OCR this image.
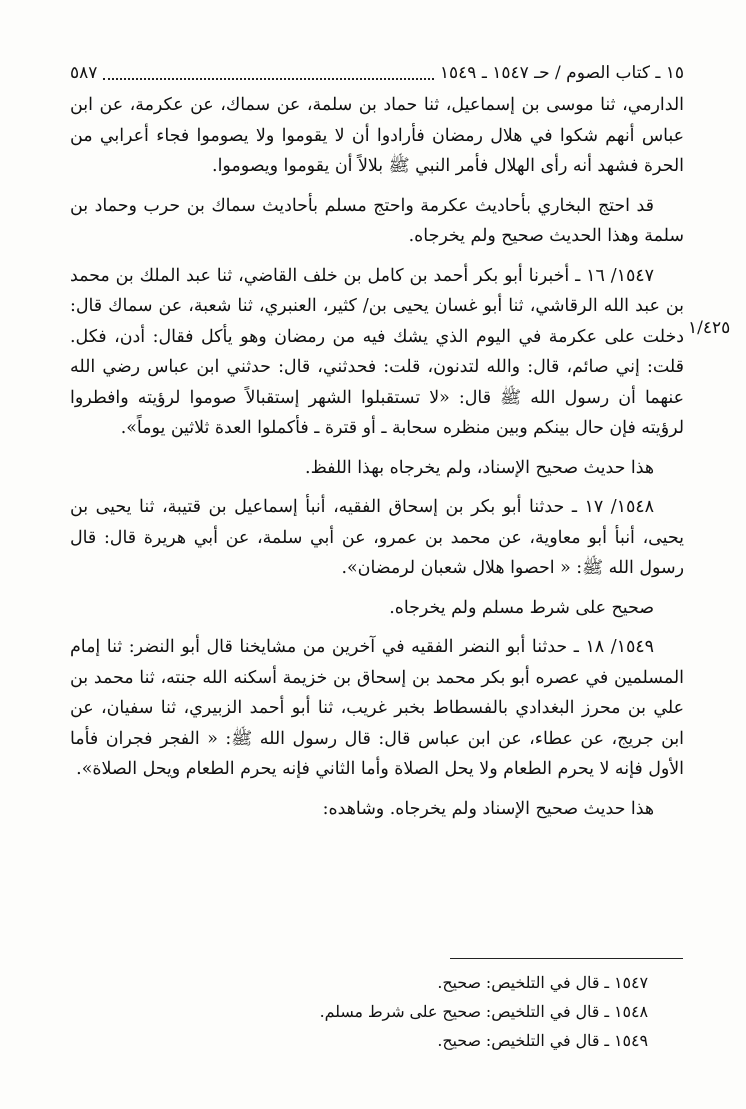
١٥ ـ كتاب الصوم / حـ ١٥٤٧ ـ ١٥٤٩
٥٨٧

الدارمي، ثنا موسى بن إسماعيل، ثنا حماد بن سلمة، عن سماك، عن عكرمة، عن ابن عباس أنهم شكوا في هلال رمضان فأرادوا أن لا يقوموا ولا يصوموا فجاء أعرابي من الحرة فشهد أنه رأى الهلال فأمر النبي ﷺ بلالاً أن يقوموا ويصوموا.

قد احتج البخاري بأحاديث عكرمة واحتج مسلم بأحاديث سماك بن حرب وحماد بن سلمة وهذا الحديث صحيح ولم يخرجاه.

١٥٤٧/ ١٦ ـ أخبرنا أبو بكر أحمد بن كامل بن خلف القاضي، ثنا عبد الملك بن محمد بن عبد الله الرقاشي، ثنا أبو غسان يحيى بن/ كثير، العنبري، ثنا شعبة، عن سماك قال: دخلت على عكرمة في اليوم الذي يشك فيه من رمضان وهو يأكل فقال: أدن، فكل. قلت: إني صائم، قال: والله لتدنون، قلت: فحدثني، قال: حدثني ابن عباس رضي الله عنهما أن رسول الله ﷺ قال: «لا تستقبلوا الشهر إستقبالاً صوموا لرؤيته وافطروا لرؤيته فإن حال بينكم وبين منظره سحابة ـ أو قترة ـ فأكملوا العدة ثلاثين يوماً».

هذا حديث صحيح الإسناد، ولم يخرجاه بهذا اللفظ.

١٥٤٨/ ١٧ ـ حدثنا أبو بكر بن إسحاق الفقيه، أنبأ إسماعيل بن قتيبة، ثنا يحيى بن يحيى، أنبأ أبو معاوية، عن محمد بن عمرو، عن أبي سلمة، عن أبي هريرة قال: قال رسول الله ﷺ: « احصوا هلال شعبان لرمضان».

صحيح على شرط مسلم ولم يخرجاه.

١٥٤٩/ ١٨ ـ حدثنا أبو النضر الفقيه في آخرين من مشايخنا قال أبو النضر: ثنا إمام المسلمين في عصره أبو بكر محمد بن إسحاق بن خزيمة أسكنه الله جنته، ثنا محمد بن علي بن محرز البغدادي بالفسطاط بخبر غريب، ثنا أبو أحمد الزبيري، ثنا سفيان، عن ابن جريج، عن عطاء، عن ابن عباس قال: قال رسول الله ﷺ: « الفجر فجران فأما الأول فإنه لا يحرم الطعام ولا يحل الصلاة وأما الثاني فإنه يحرم الطعام ويحل الصلاة».

هذا حديث صحيح الإسناد ولم يخرجاه. وشاهده:

١/٤٢٥
١٥٤٧ ـ قال في التلخيص: صحيح.
١٥٤٨ ـ قال في التلخيص: صحيح على شرط مسلم.
١٥٤٩ ـ قال في التلخيص: صحيح.
